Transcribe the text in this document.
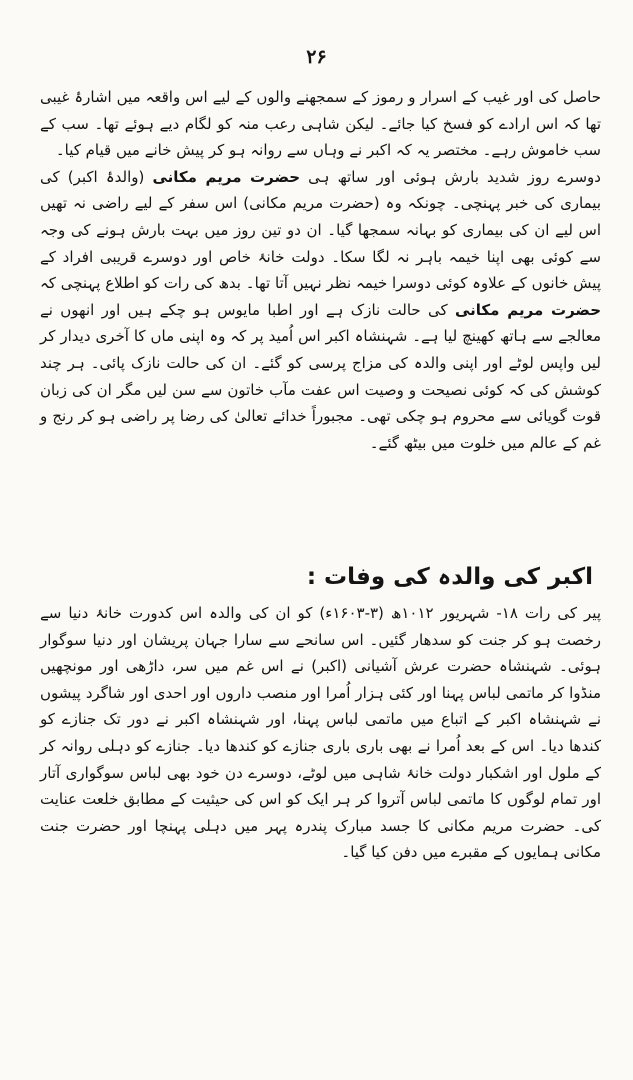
۲۶

حاصل کی اور غیب کے اسرار و رموز کے سمجھنے والوں کے لیے اس واقعہ میں اشارۂ غیبی تھا کہ اس ارادے کو فسخ کیا جائے۔ لیکن شاہی رعب منہ کو لگام دیے ہوئے تھا۔ سب کے سب خاموش رہے۔ مختصر یہ کہ اکبر نے وہاں سے روانہ ہو کر پیش خانے میں قیام کیا۔

دوسرے روز شدید بارش ہوئی اور ساتھ ہی حضرت مریم مکانی (والدۂ اکبر) کی بیماری کی خبر پہنچی۔ چونکہ وہ (حضرت مریم مکانی) اس سفر کے لیے راضی نہ تھیں اس لیے ان کی بیماری کو بہانہ سمجھا گیا۔ ان دو تین روز میں بہت بارش ہونے کی وجہ سے کوئی بھی اپنا خیمہ باہر نہ لگا سکا۔ دولت خانۂ خاص اور دوسرے قریبی افراد کے پیش خانوں کے علاوہ کوئی دوسرا خیمہ نظر نہیں آتا تھا۔ بدھ کی رات کو اطلاع پہنچی کہ حضرت مریم مکانی کی حالت نازک ہے اور اطبا مایوس ہو چکے ہیں اور انھوں نے معالجے سے ہاتھ کھینچ لیا ہے۔ شہنشاہ اکبر اس اُمید پر کہ وہ اپنی ماں کا آخری دیدار کر لیں واپس لوٹے اور اپنی والدہ کی مزاج پرسی کو گئے۔ ان کی حالت نازک پائی۔ ہر چند کوشش کی کہ کوئی نصیحت و وصیت اس عفت مآب خاتون سے سن لیں مگر ان کی زبان قوت گویائی سے محروم ہو چکی تھی۔ مجبوراً خدائے تعالیٰ کی رضا پر راضی ہو کر رنج و غم کے عالم میں خلوت میں بیٹھ گئے۔

اکبر کی والدہ کی وفات :

پیر کی رات ۱۸- شہریور ۱۰۱۲ھ (۳-۱۶۰۳ء) کو ان کی والدہ اس کدورت خانۂ دنیا سے رخصت ہو کر جنت کو سدھار گئیں۔ اس سانحے سے سارا جہان پریشان اور دنیا سوگوار ہوئی۔ شہنشاہ حضرت عرش آشیانی (اکبر) نے اس غم میں سر، داڑھی اور مونچھیں منڈوا کر ماتمی لباس پہنا اور کئی ہزار اُمرا اور منصب داروں اور احدی اور شاگرد پیشوں نے شہنشاہ اکبر کے اتباع میں ماتمی لباس پہنا، اور شہنشاہ اکبر نے دور تک جنازے کو کندھا دیا۔ اس کے بعد اُمرا نے بھی باری باری جنازے کو کندھا دیا۔ جنازے کو دہلی روانہ کر کے ملول اور اشکبار دولت خانۂ شاہی میں لوٹے، دوسرے دن خود بھی لباس سوگواری آتار اور تمام لوگوں کا ماتمی لباس آتروا کر ہر ایک کو اس کی حیثیت کے مطابق خلعت عنایت کی۔ حضرت مریم مکانی کا جسد مبارک پندرہ پہر میں دہلی پہنچا اور حضرت جنت مکانی ہمایوں کے مقبرے میں دفن کیا گیا۔
